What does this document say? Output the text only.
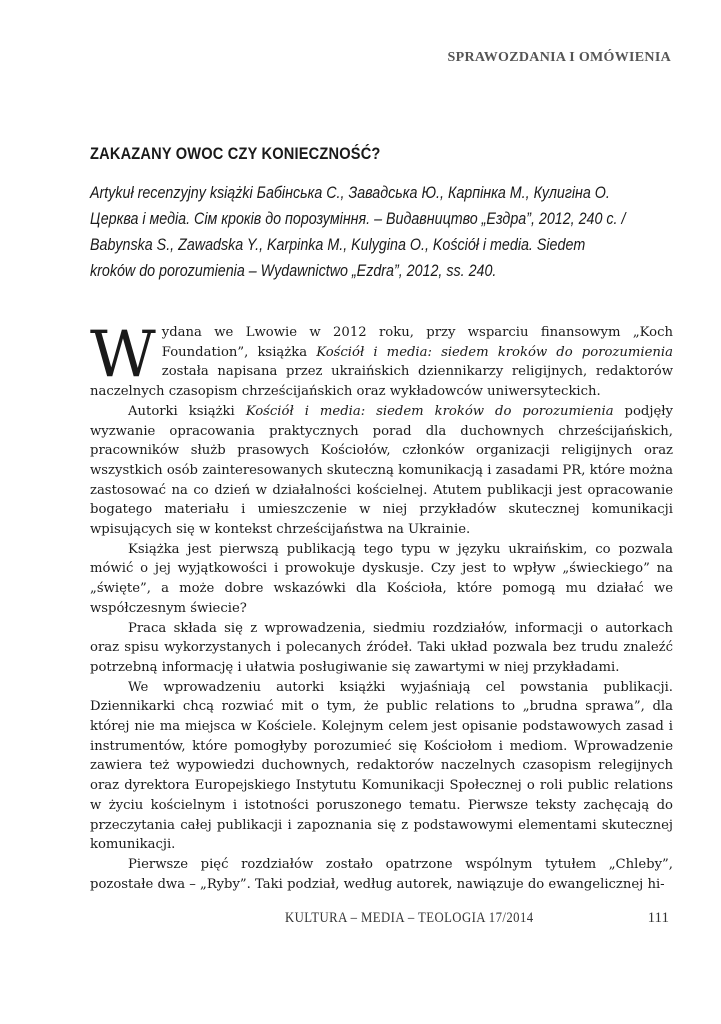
SPRAWOZDANIA I OMÓWIENIA
ZAKAZANY OWOC CZY KONIECZNOŚĆ?

Artykuł recenzyjny książki Бабінська С., Завадська Ю., Карпінка М., Кулигіна О. Церква і медіа. Сім кроків до порозуміння. – Видавництво „Ездра”, 2012, 240 с. / Babynska S., Zawadska Y., Karpinka M., Kulygina O., Kościół i media. Siedem kroków do porozumienia – Wydawnictwo „Ezdra”, 2012, ss. 240.

Wydana we Lwowie w 2012 roku, przy wsparciu finansowym „Koch Foundation”, książka Kościół i media: siedem kroków do porozumienia została napisana przez ukraińskich dziennikarzy religijnych, redaktorów naczelnych czasopism chrześcijańskich oraz wykładowców uniwersyteckich.

Autorki książki Kościół i media: siedem kroków do porozumienia podjęły wyzwanie opracowania praktycznych porad dla duchownych chrześcijańskich, pracowników służb prasowych Kościołów, członków organizacji religijnych oraz wszystkich osób zainteresowanych skuteczną komunikacją i zasadami PR, które można zastosować na co dzień w działalności kościelnej. Atutem publikacji jest opracowanie bogatego materiału i umieszczenie w niej przykładów skutecznej komunikacji wpisujących się w kontekst chrześcijaństwa na Ukrainie.

Książka jest pierwszą publikacją tego typu w języku ukraińskim, co pozwala mówić o jej wyjątkowości i prowokuje dyskusje. Czy jest to wpływ „świeckiego” na „święte”, a może dobre wskazówki dla Kościoła, które pomogą mu działać we współczesnym świecie?

Praca składa się z wprowadzenia, siedmiu rozdziałów, informacji o autorkach oraz spisu wykorzystanych i polecanych źródeł. Taki układ pozwala bez trudu znaleźć potrzebną informację i ułatwia posługiwanie się zawartymi w niej przykładami.

We wprowadzeniu autorki książki wyjaśniają cel powstania publikacji. Dziennikarki chcą rozwiać mit o tym, że public relations to „brudna sprawa”, dla której nie ma miejsca w Kościele. Kolejnym celem jest opisanie podstawowych zasad i instrumentów, które pomogłyby porozumieć się Kościołom i mediom. Wprowadzenie zawiera też wypowiedzi duchownych, redaktorów naczelnych czasopism relegijnych oraz dyrektora Europejskiego Instytutu Komunikacji Społecznej o roli public relations w życiu kościelnym i istotności poruszonego tematu. Pierwsze teksty zachęcają do przeczytania całej publikacji i zapoznania się z podstawowymi elementami skutecznej komunikacji.

Pierwsze pięć rozdziałów zostało opatrzone wspólnym tytułem „Chleby”, pozostałe dwa – „Ryby”. Taki podział, według autorek, nawiązuje do ewangelicznej hi-

KULTURA – MEDIA – TEOLOGIA 17/2014	111
